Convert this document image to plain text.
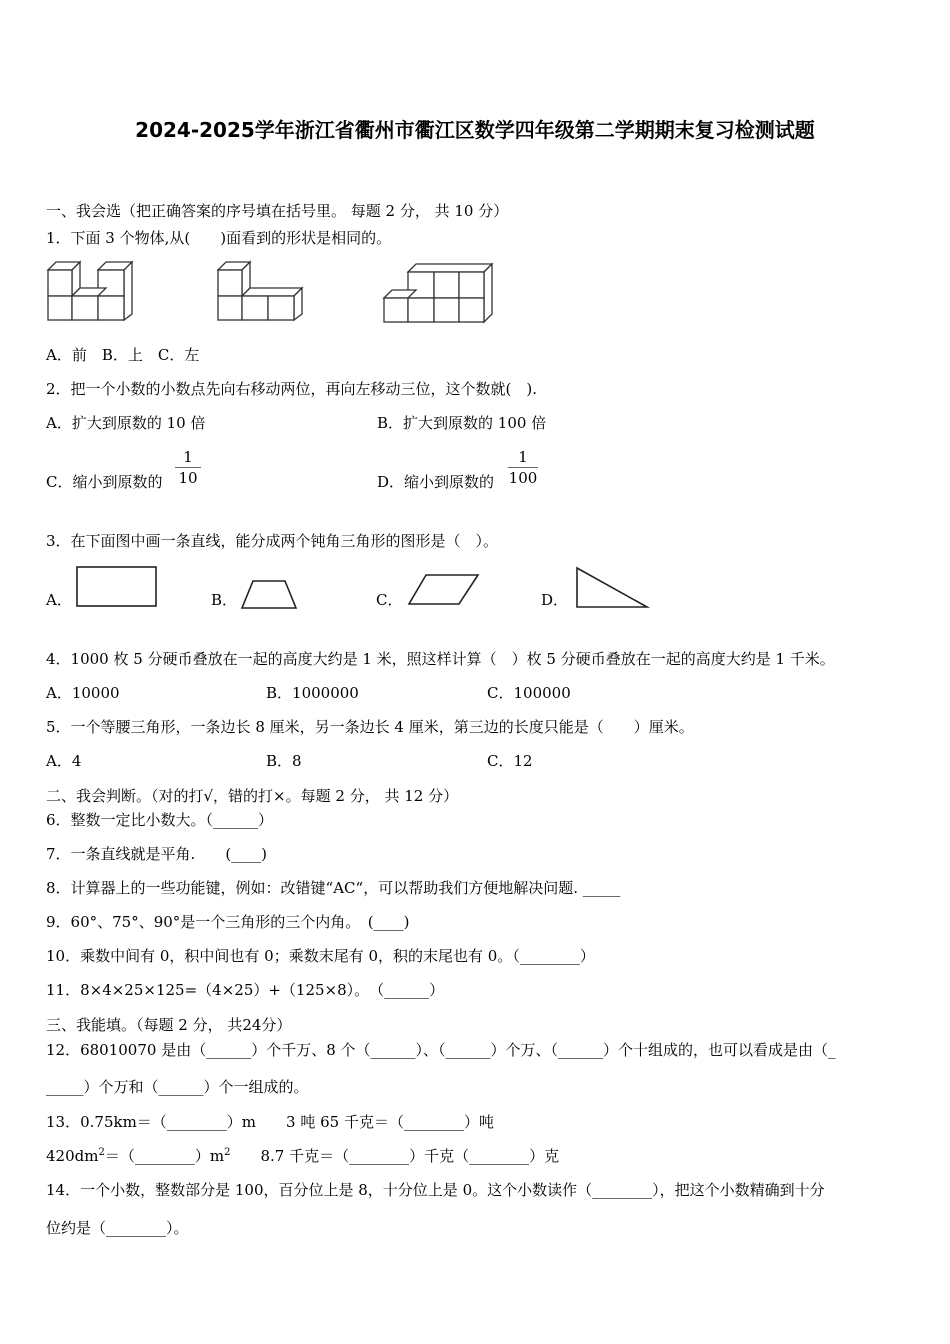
2024-2025学年浙江省衢州市衢江区数学四年级第二学期期末复习检测试题
一、我会选（把正确答案的序号填在括号里。 每题 2 分， 共 10 分）
1．下面 3 个物体,从(　　)面看到的形状是相同的。
A．前　B．上　C．左
2．把一个小数的小数点先向右移动两位，再向左移动三位，这个数就(　).
A．扩大到原数的 10 倍	B．扩大到原数的 100 倍
C．缩小到原数的
1
10	D．缩小到原数的
1
100
3．在下面图中画一条直线，能分成两个钝角三角形的图形是（　）。
A．	B．	C．	D．
4．1000 枚 5 分硬币叠放在一起的高度大约是 1 米，照这样计算（　）枚 5 分硬币叠放在一起的高度大约是 1 千米。
A．10000	B．1000000	C．100000
5．一个等腰三角形，一条边长 8 厘米，另一条边长 4 厘米，第三边的长度只能是（　　）厘米。
A．4	B．8	C．12
二、我会判断。（对的打√，错的打×。每题 2 分， 共 12 分）
6．整数一定比小数大。（______）
7．一条直线就是平角.　　(____)
8．计算器上的一些功能键，例如：改错键“AC“，可以帮助我们方便地解决问题. _____
9．60°、75°、90°是一个三角形的三个内角。　(____)
10．乘数中间有 0，积中间也有 0；乘数末尾有 0，积的末尾也有 0。（________）
11．8×4×25×125=（4×25）+（125×8）。　（______）
三、我能填。（每题 2 分， 共24分）
12．68010070 是由（______）个千万、8 个（______）、（______）个万、（______）个十组成的，也可以看成是由（_
_____）个万和（______）个一组成的。
13．0.75km＝（________）m　　3 吨 65 千克＝（________）吨
$420dm^2=(\_\_\_\_\_\_\_\_)m^2$　　8.7 千克＝（________）千克（________）克
14．一个小数，整数部分是 100，百分位上是 8，十分位上是 0。这个小数读作（________），把这个小数精确到十分
位约是（________）。
